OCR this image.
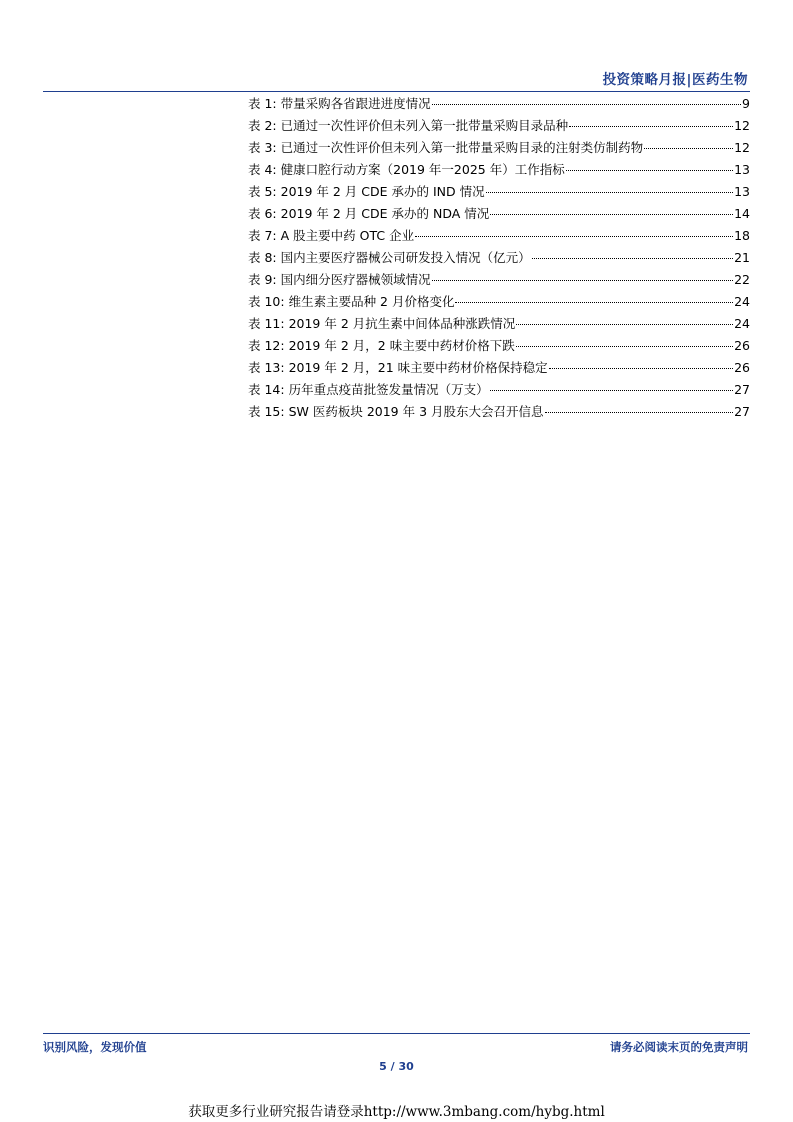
投资策略月报|医药生物
表 1: 带量采购各省跟进进度情况	9
表 2: 已通过一次性评价但未列入第一批带量采购目录品种	12
表 3: 已通过一次性评价但未列入第一批带量采购目录的注射类仿制药物	12
表 4: 健康口腔行动方案（2019 年一2025 年）工作指标	13
表 5: 2019 年 2 月 CDE 承办的 IND 情况	13
表 6: 2019 年 2 月 CDE 承办的 NDA 情况	14
表 7: A 股主要中药 OTC 企业	18
表 8: 国内主要医疗器械公司研发投入情况（亿元）	21
表 9: 国内细分医疗器械领域情况	22
表 10: 维生素主要品种 2 月价格变化	24
表 11: 2019 年 2 月抗生素中间体品种涨跌情况	24
表 12: 2019 年 2 月，2 味主要中药材价格下跌	26
表 13: 2019 年 2 月，21 味主要中药材价格保持稳定	26
表 14: 历年重点疫苗批签发量情况（万支）	27
表 15: SW 医药板块 2019 年 3 月股东大会召开信息	27
识别风险，发现价值	请务必阅读末页的免责声明
5 / 30
获取更多行业研究报告请登录http://www.3mbang.com/hybg.html
